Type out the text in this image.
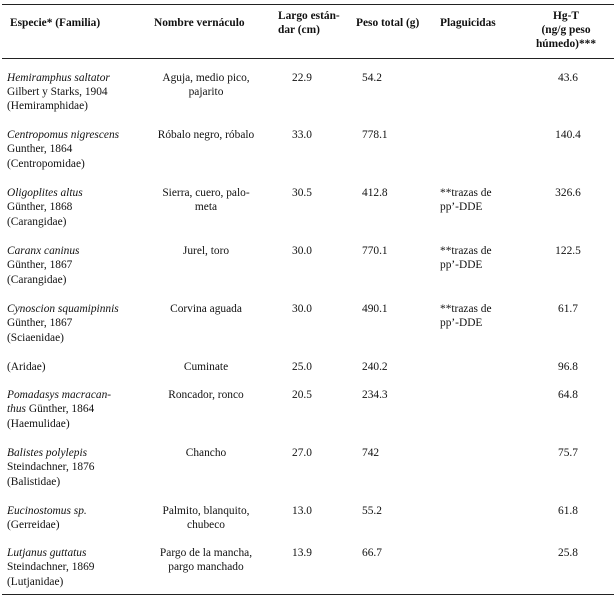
Especie* (Familia)	Nombre vernáculo	Largo están-
dar (cm)	Peso total (g)	Plaguicidas	Hg-T
(ng/g peso
húmedo)***
Hemiramphus saltator
Gilbert y Starks, 1904
(Hemiramphidae)	Aguja, medio pico,
pajarito	22.9	54.2		43.6
Centropomus nigrescens
Gunther, 1864
(Centropomidae)	Róbalo negro, róbalo	33.0	778.1		140.4
Oligoplites altus
Günther, 1868
(Carangidae)	Sierra, cuero, palo-
meta	30.5	412.8	**trazas de
pp’-DDE	326.6
Caranx caninus
Günther, 1867
(Carangidae)	Jurel, toro	30.0	770.1	**trazas de
pp’-DDE	122.5
Cynoscion squamipinnis
Günther, 1867
(Sciaenidae)	Corvina aguada	30.0	490.1	**trazas de
pp’-DDE	61.7
(Aridae)	Cuminate	25.0	240.2		96.8
Pomadasys macracan-
thus Günther, 1864
(Haemulidae)	Roncador, ronco	20.5	234.3		64.8
Balistes polylepis
Steindachner, 1876
(Balistidae)	Chancho	27.0	742		75.7
Eucinostomus sp.
(Gerreidae)	Palmito, blanquito,
chubeco	13.0	55.2		61.8
Lutjanus guttatus
Steindachner, 1869
(Lutjanidae)	Pargo de la mancha,
pargo manchado	13.9	66.7		25.8
